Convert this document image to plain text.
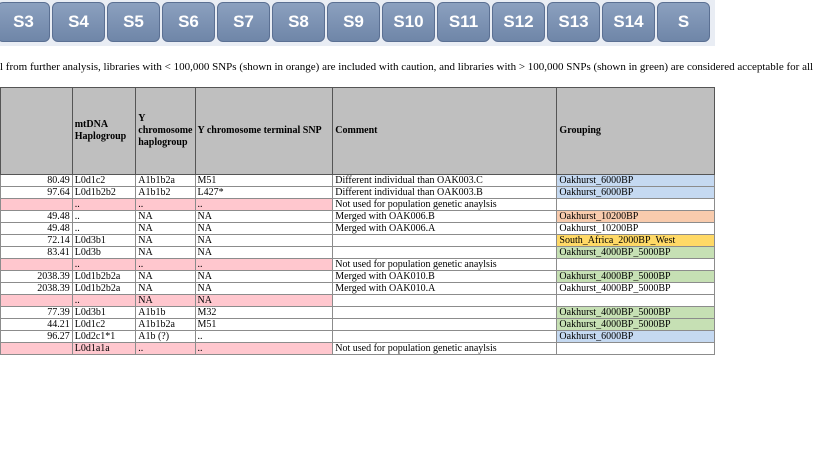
S3	S4	S5	S6	S7	S8	S9	S10	S11	S12	S13	S14	S
l from further analysis, libraries with < 100,000 SNPs (shown in orange) are included with caution, and libraries with > 100,000 SNPs (shown in green) are considered acceptable for all
	mtDNA Haplogroup	Y chromosome haplogroup	Y chromosome terminal SNP	Comment	Grouping
80.49	L0d1c2	A1b1b2a	M51	Different individual than OAK003.C	Oakhurst_6000BP
97.64	L0d1b2b2	A1b1b2	L427*	Different individual than OAK003.B	Oakhurst_6000BP
	..	..	..	Not used for population genetic anaylsis	
49.48	..	NA	NA	Merged with OAK006.B	Oakhurst_10200BP
49.48	..	NA	NA	Merged with OAK006.A	Oakhurst_10200BP
72.14	L0d3b1	NA	NA		South_Africa_2000BP_West
83.41	L0d3b	NA	NA		Oakhurst_4000BP_5000BP
	..	..	..	Not used for population genetic anaylsis	
2038.39	L0d1b2b2a	NA	NA	Merged with OAK010.B	Oakhurst_4000BP_5000BP
2038.39	L0d1b2b2a	NA	NA	Merged with OAK010.A	Oakhurst_4000BP_5000BP
	..	NA	NA		
77.39	L0d3b1	A1b1b	M32		Oakhurst_4000BP_5000BP
44.21	L0d1c2	A1b1b2a	M51		Oakhurst_4000BP_5000BP
96.27	L0d2c1*1	A1b (?)	..		Oakhurst_6000BP
	L0d1a1a	..	..	Not used for population genetic anaylsis	
